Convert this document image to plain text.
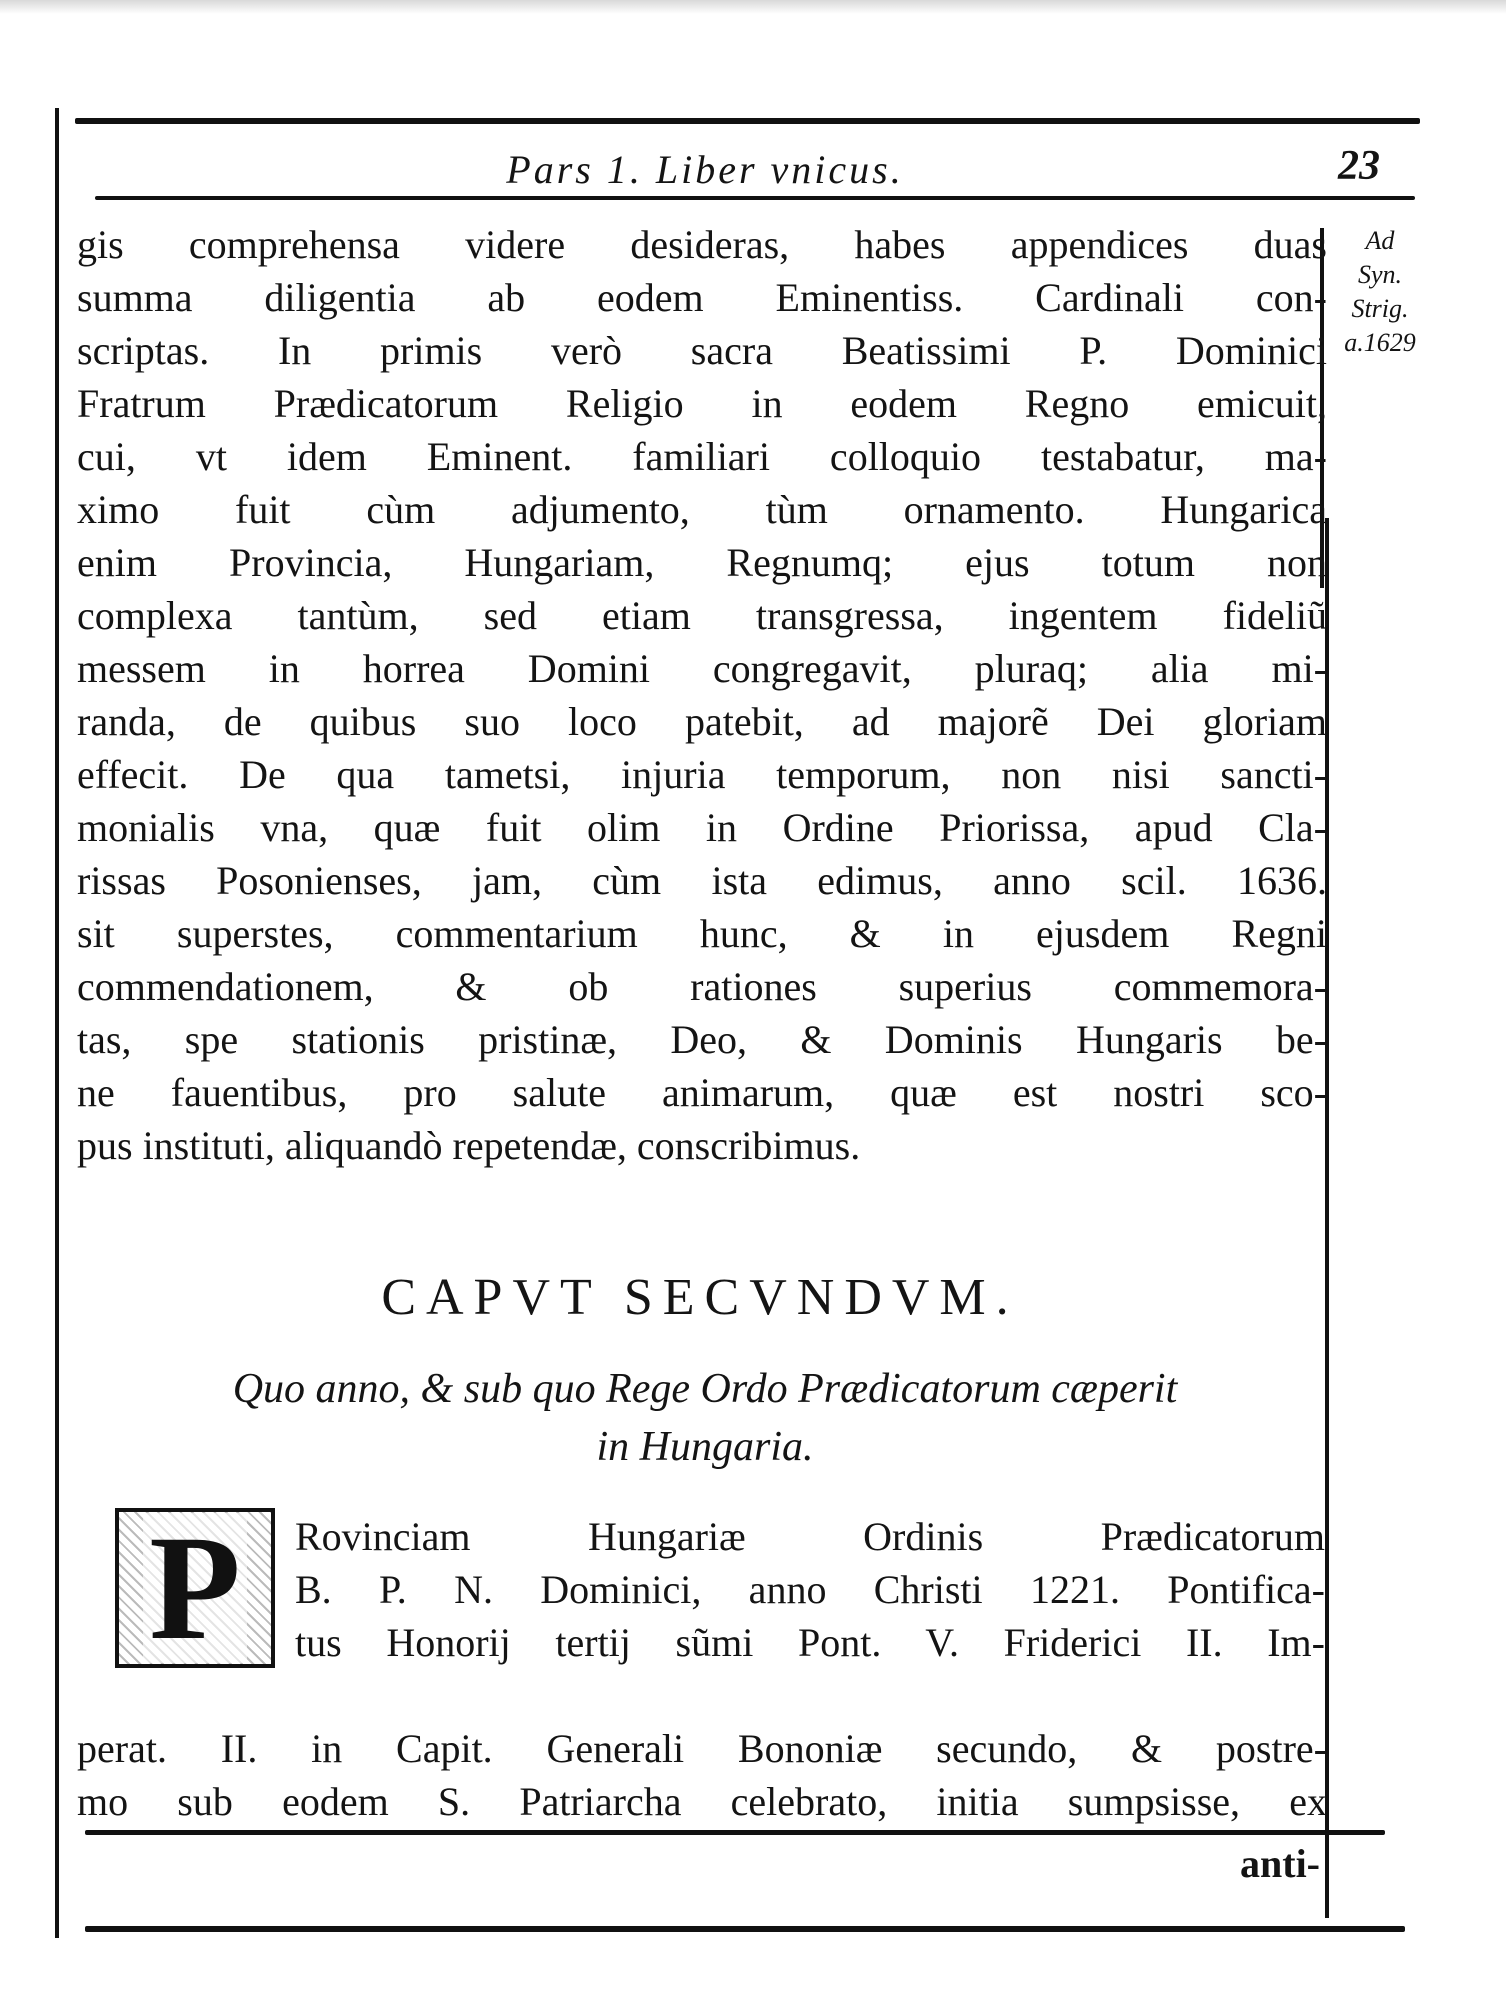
Pars 1. Liber vnicus.	23
Ad
Syn.
Strig.
a.1629
gis comprehensa videre desideras, habes appendices duas
summa diligentia ab eodem Eminentiss. Cardinali con-
scriptas. In primis verò sacra Beatissimi P. Dominici
Fratrum Prædicatorum Religio in eodem Regno emicuit,
cui, vt idem Eminent. familiari colloquio testabatur, ma-
ximo fuit cùm adjumento, tùm ornamento. Hungarica
enim Provincia, Hungariam, Regnumq; ejus totum non
complexa tantùm, sed etiam transgressa, ingentem fideliũ
messem in horrea Domini congregavit, pluraq; alia mi-
randa, de quibus suo loco patebit, ad majorẽ Dei gloriam
effecit. De qua tametsi, injuria temporum, non nisi sancti-
monialis vna, quæ fuit olim in Ordine Priorissa, apud Cla-
rissas Posonienses, jam, cùm ista edimus, anno scil. 1636.
sit superstes, commentarium hunc, & in ejusdem Regni
commendationem, & ob rationes superius commemora-
tas, spe stationis pristinæ, Deo, & Dominis Hungaris be-
ne fauentibus, pro salute animarum, quæ est nostri sco-
pus instituti, aliquandò repetendæ, conscribimus.
CAPVT SECVNDVM.
Quo anno, & sub quo Rege Ordo Prædicatorum cæperit
in Hungaria.
P Rovinciam Hungariæ Ordinis Prædicatorum
B. P. N. Dominici, anno Christi 1221. Pontifica-
tus Honorij tertij sũmi Pont. V. Friderici II. Im-
perat. II. in Capit. Generali Bononiæ secundo, & postre-
mo sub eodem S. Patriarcha celebrato, initia sumpsisse, ex
anti-
